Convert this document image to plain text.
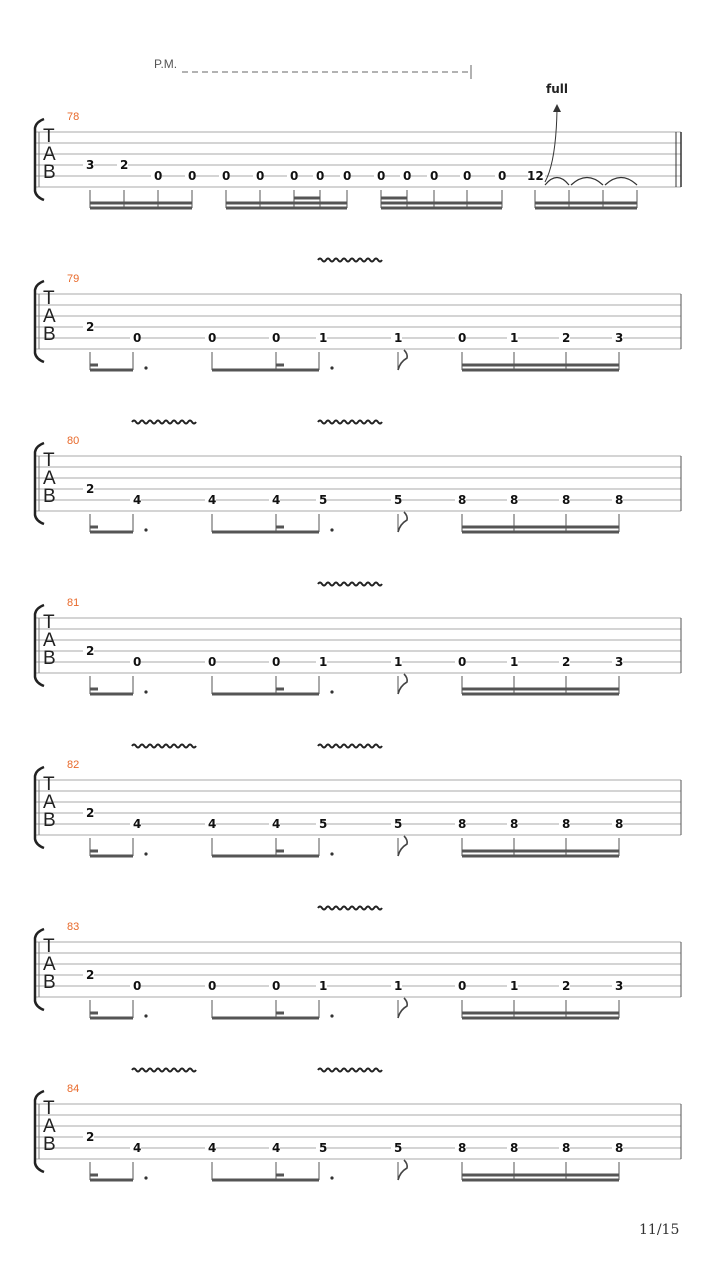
P.M.
full
11/15
T
A
B
78
3 2
0 0 0 0 0 0 0 0 0 0 0 0 12
T
A
B
79
2
0	0	0	1	1	0	1	2	3
T
A
B
80
2
4	4	4	5	5	8	8	8	8
T
A
B
81
2
0	0	0	1	1	0	1	2	3
T
A
B
82
2
4	4	4	5	5	8	8	8	8
T
A
B
83
2
0	0	0	1	1	0	1	2	3
T
A
B
84
2
4	4	4	5	5	8	8	8	8
